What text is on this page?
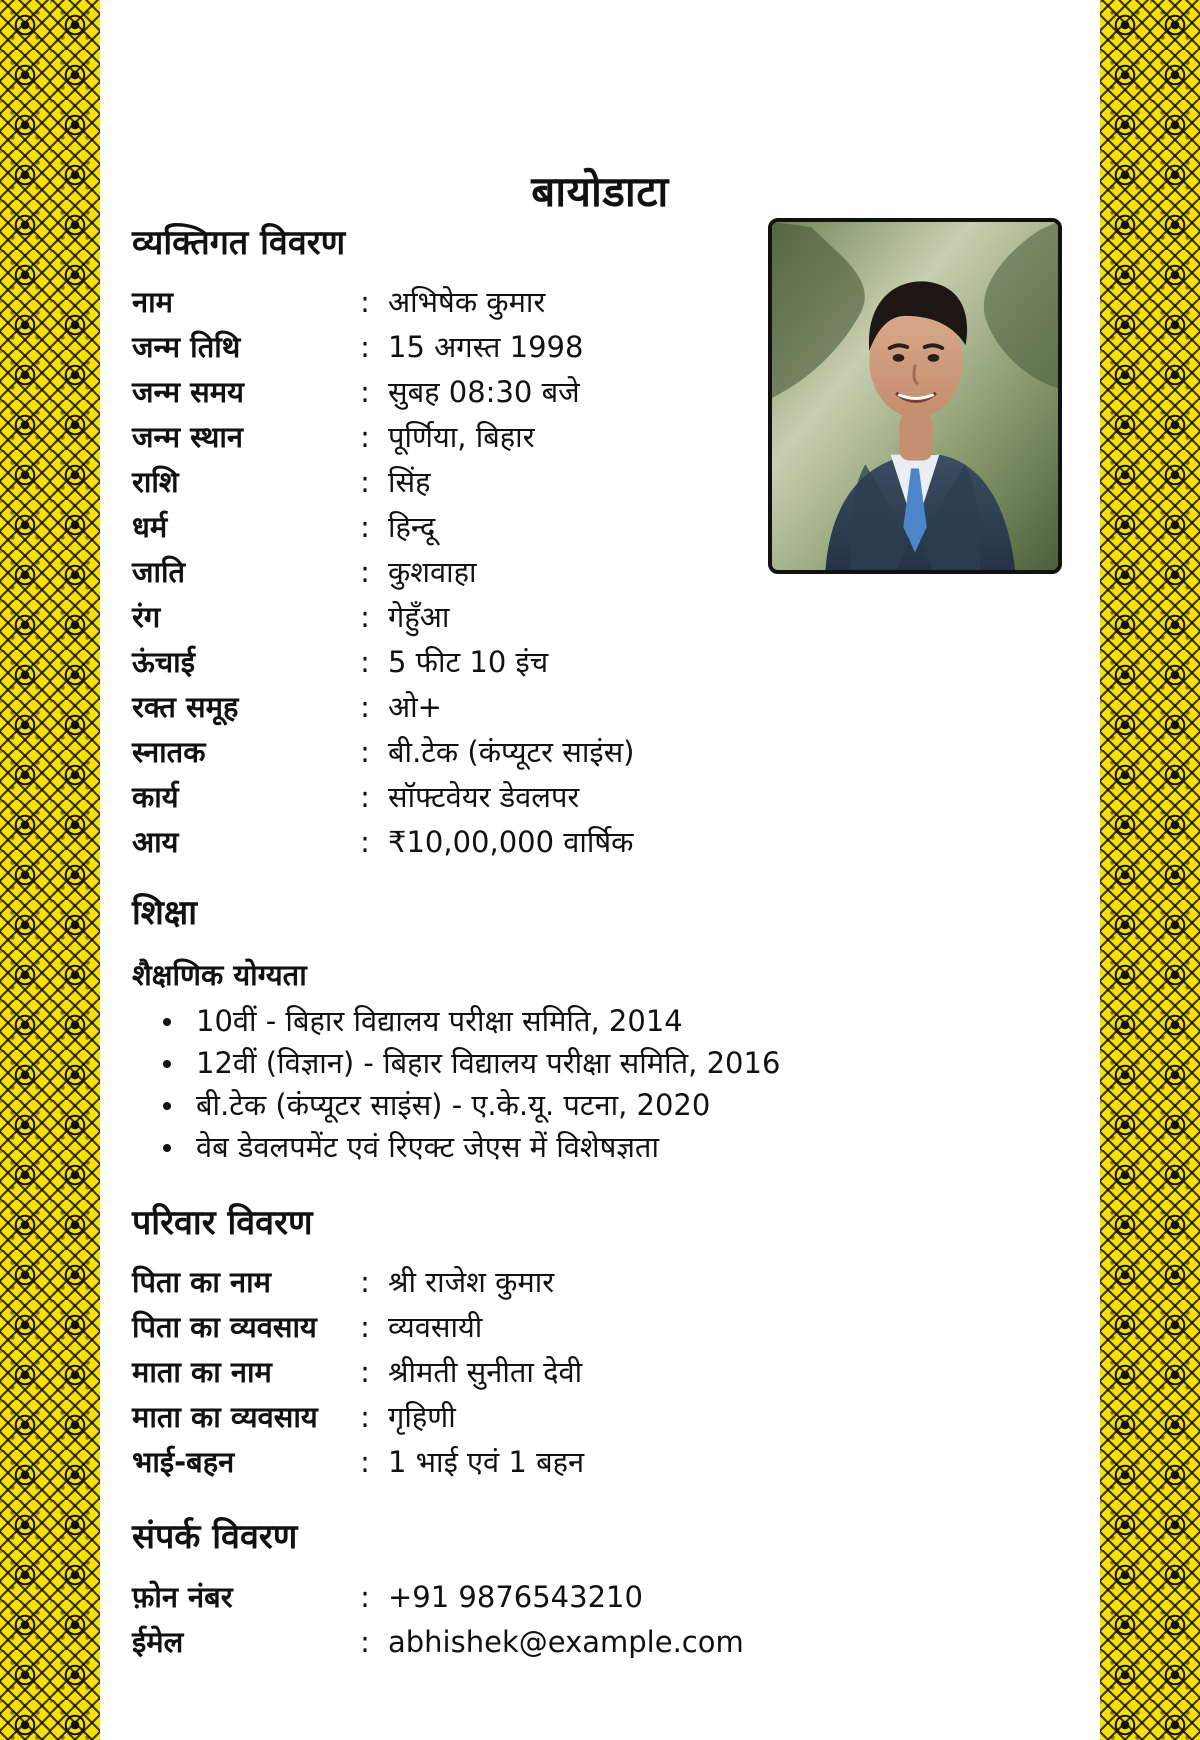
बायोडाटा
व्यक्तिगत विवरण
नाम	: अभिषेक कुमार
जन्म तिथि	: 15 अगस्त 1998
जन्म समय	: सुबह 08:30 बजे
जन्म स्थान	: पूर्णिया, बिहार
राशि	: सिंह
धर्म	: हिन्दू
जाति	: कुशवाहा
रंग	: गेहुँआ
ऊंचाई	: 5 फीट 10 इंच
रक्त समूह	: ओ+
स्नातक	: बी.टेक (कंप्यूटर साइंस)
कार्य	: सॉफ्टवेयर डेवलपर
आय	: ₹10,00,000 वार्षिक
शिक्षा
शैक्षणिक योग्यता
10वीं - बिहार विद्यालय परीक्षा समिति, 2014
12वीं (विज्ञान) - बिहार विद्यालय परीक्षा समिति, 2016
बी.टेक (कंप्यूटर साइंस) - ए.के.यू. पटना, 2020
वेब डेवलपमेंट एवं रिएक्ट जेएस में विशेषज्ञता
परिवार विवरण
पिता का नाम	: श्री राजेश कुमार
पिता का व्यवसाय : व्यवसायी
माता का नाम	: श्रीमती सुनीता देवी
माता का व्यवसाय : गृहिणी
भाई-बहन	: 1 भाई एवं 1 बहन
संपर्क विवरण
फ़ोन नंबर	: +91 9876543210
ईमेल	: abhishek@example.com
